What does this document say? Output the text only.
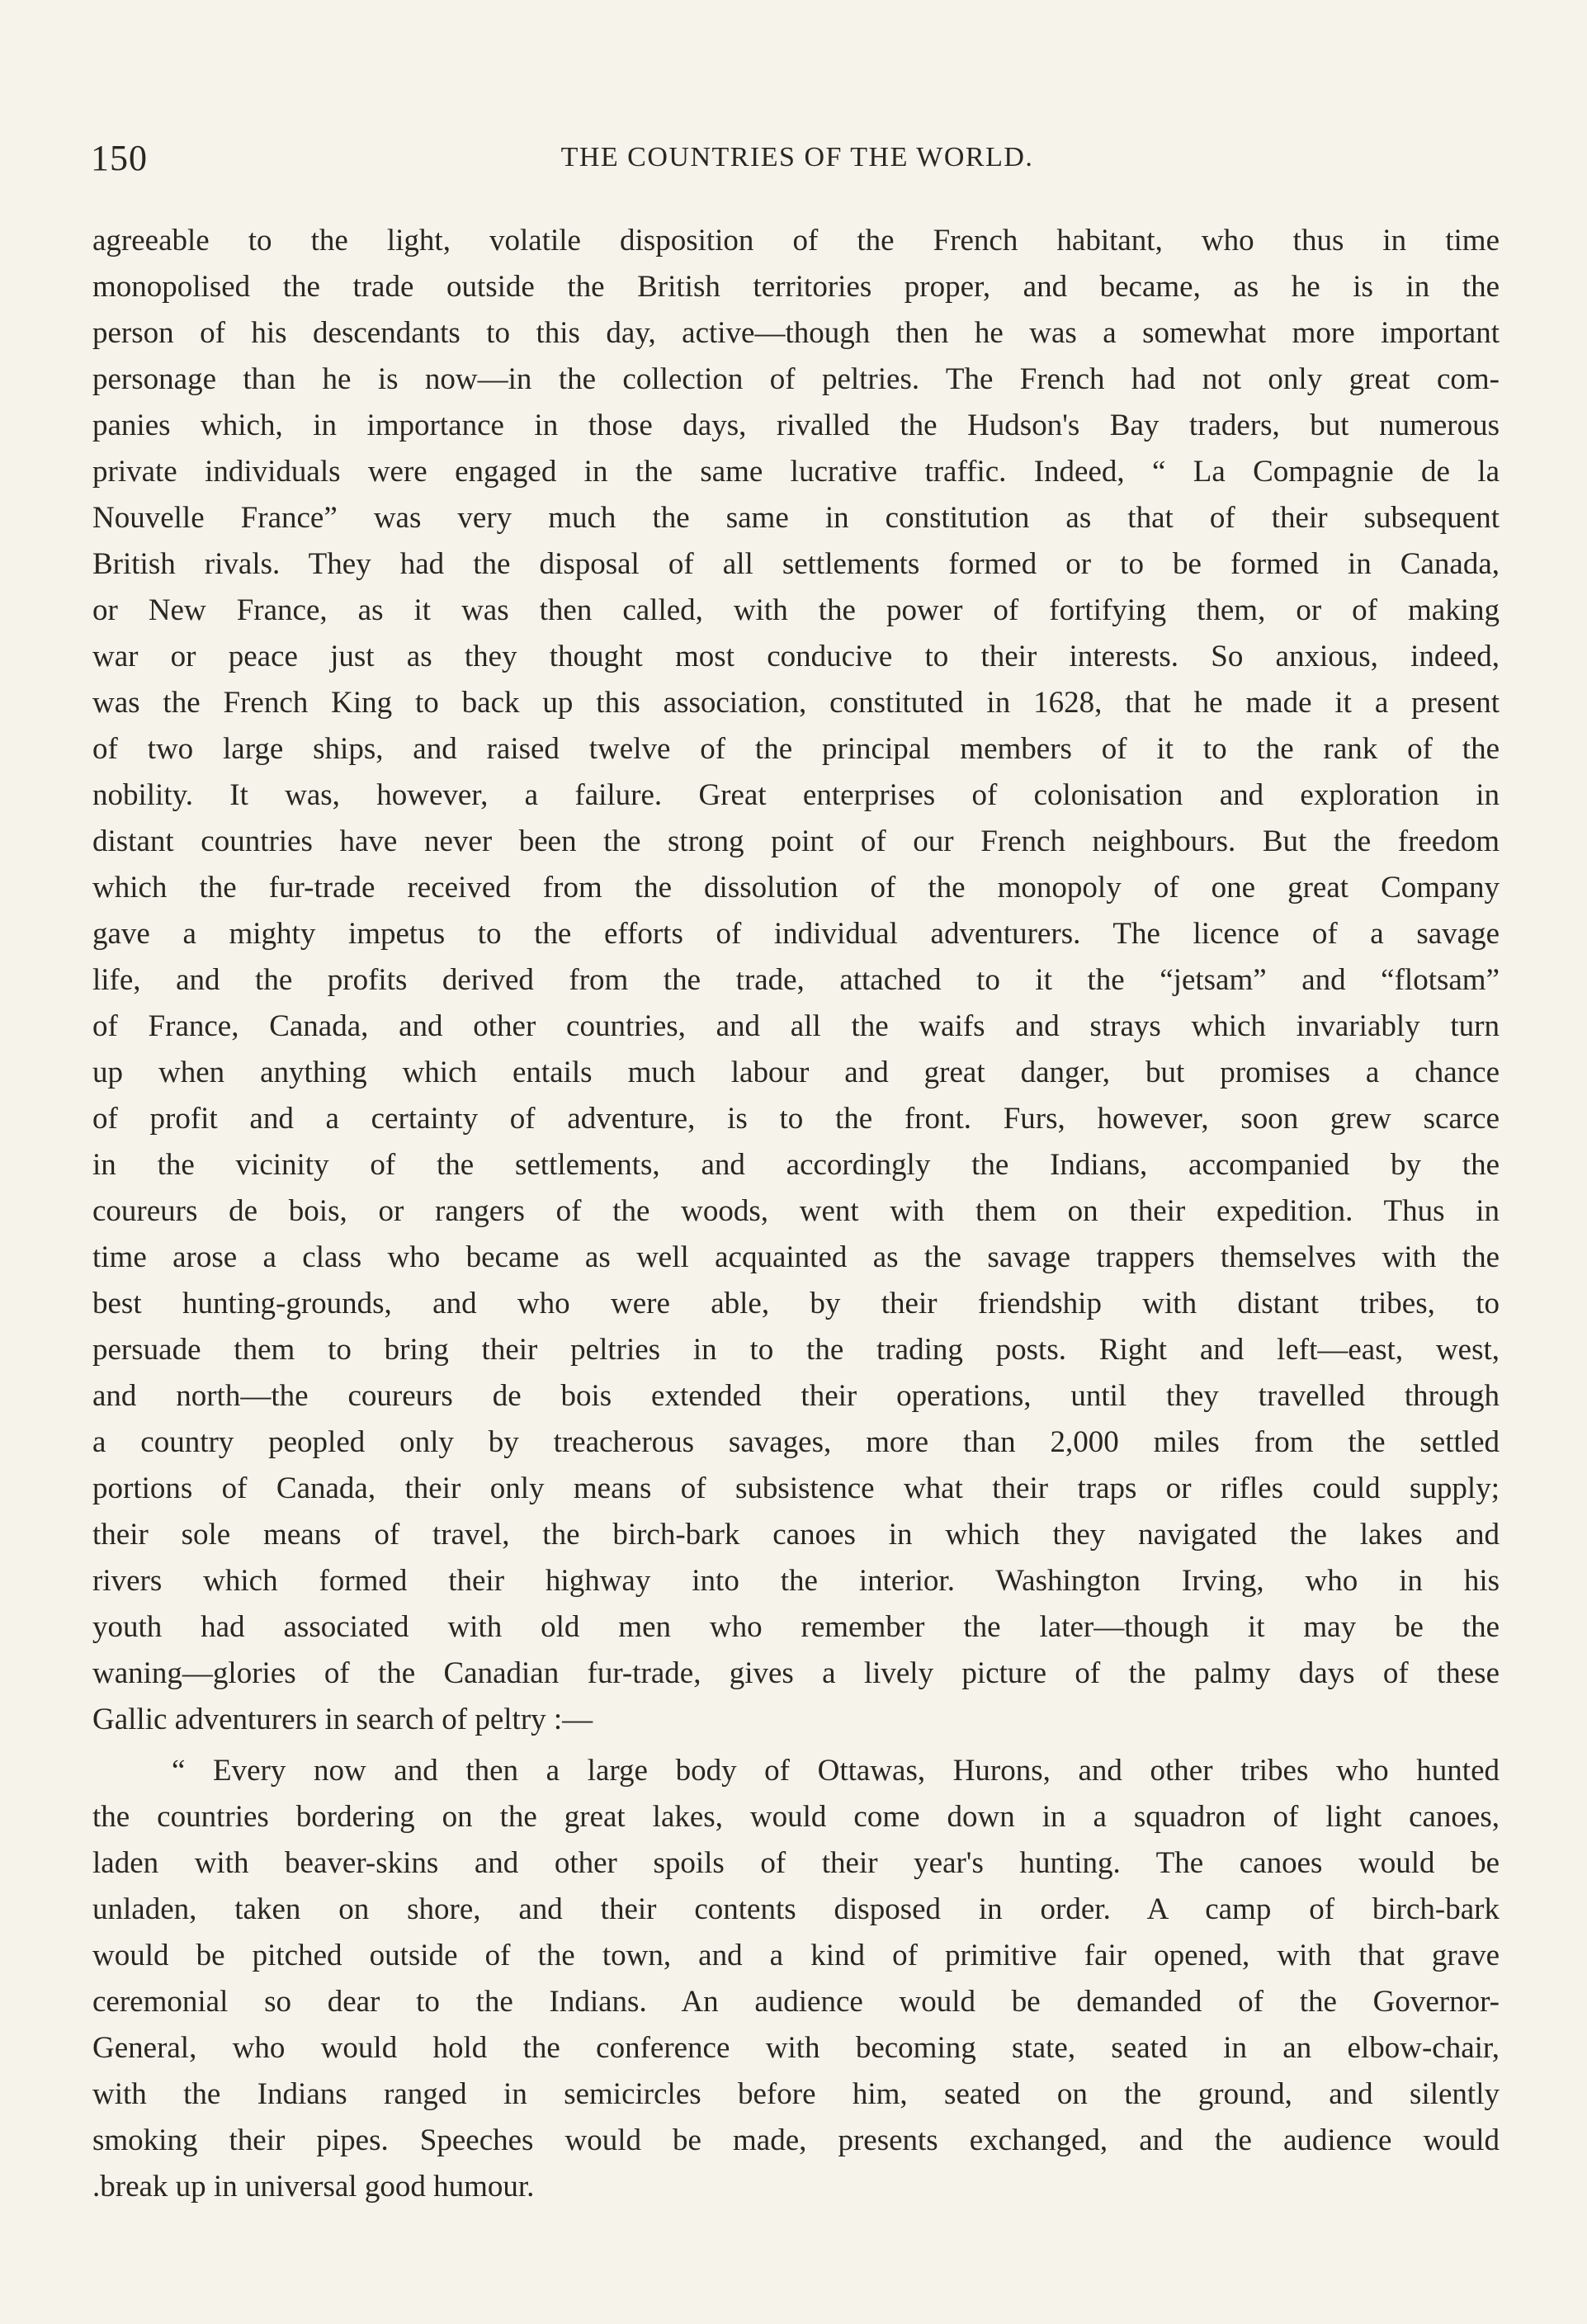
150	THE COUNTRIES OF THE WORLD.
agreeable to the light, volatile disposition of the French habitant, who thus in time
monopolised the trade outside the British territories proper, and became, as he is in the
person of his descendants to this day, active—though then he was a somewhat more important
personage than he is now—in the collection of peltries. The French had not only great com-
panies which, in importance in those days, rivalled the Hudson's Bay traders, but numerous
private individuals were engaged in the same lucrative traffic. Indeed, “ La Compagnie de la
Nouvelle France” was very much the same in constitution as that of their subsequent
British rivals. They had the disposal of all settlements formed or to be formed in Canada,
or New France, as it was then called, with the power of fortifying them, or of making
war or peace just as they thought most conducive to their interests. So anxious, indeed,
was the French King to back up this association, constituted in 1628, that he made it a present
of two large ships, and raised twelve of the principal members of it to the rank of the
nobility. It was, however, a failure. Great enterprises of colonisation and exploration in
distant countries have never been the strong point of our French neighbours. But the freedom
which the fur-trade received from the dissolution of the monopoly of one great Company
gave a mighty impetus to the efforts of individual adventurers. The licence of a savage
life, and the profits derived from the trade, attached to it the “jetsam” and “flotsam”
of France, Canada, and other countries, and all the waifs and strays which invariably turn
up when anything which entails much labour and great danger, but promises a chance
of profit and a certainty of adventure, is to the front. Furs, however, soon grew scarce
in the vicinity of the settlements, and accordingly the Indians, accompanied by the
coureurs de bois, or rangers of the woods, went with them on their expedition. Thus in
time arose a class who became as well acquainted as the savage trappers themselves with the
best hunting-grounds, and who were able, by their friendship with distant tribes, to
persuade them to bring their peltries in to the trading posts. Right and left—east, west,
and north—the coureurs de bois extended their operations, until they travelled through
a country peopled only by treacherous savages, more than 2,000 miles from the settled
portions of Canada, their only means of subsistence what their traps or rifles could supply;
their sole means of travel, the birch-bark canoes in which they navigated the lakes and
rivers which formed their highway into the interior. Washington Irving, who in his
youth had associated with old men who remember the later—though it may be the
waning—glories of the Canadian fur-trade, gives a lively picture of the palmy days of these
Gallic adventurers in search of peltry :—
“ Every now and then a large body of Ottawas, Hurons, and other tribes who hunted
the countries bordering on the great lakes, would come down in a squadron of light canoes,
laden with beaver-skins and other spoils of their year's hunting. The canoes would be
unladen, taken on shore, and their contents disposed in order. A camp of birch-bark
would be pitched outside of the town, and a kind of primitive fair opened, with that grave
ceremonial so dear to the Indians. An audience would be demanded of the Governor-
General, who would hold the conference with becoming state, seated in an elbow-chair,
with the Indians ranged in semicircles before him, seated on the ground, and silently
smoking their pipes. Speeches would be made, presents exchanged, and the audience would
.break up in universal good humour.
